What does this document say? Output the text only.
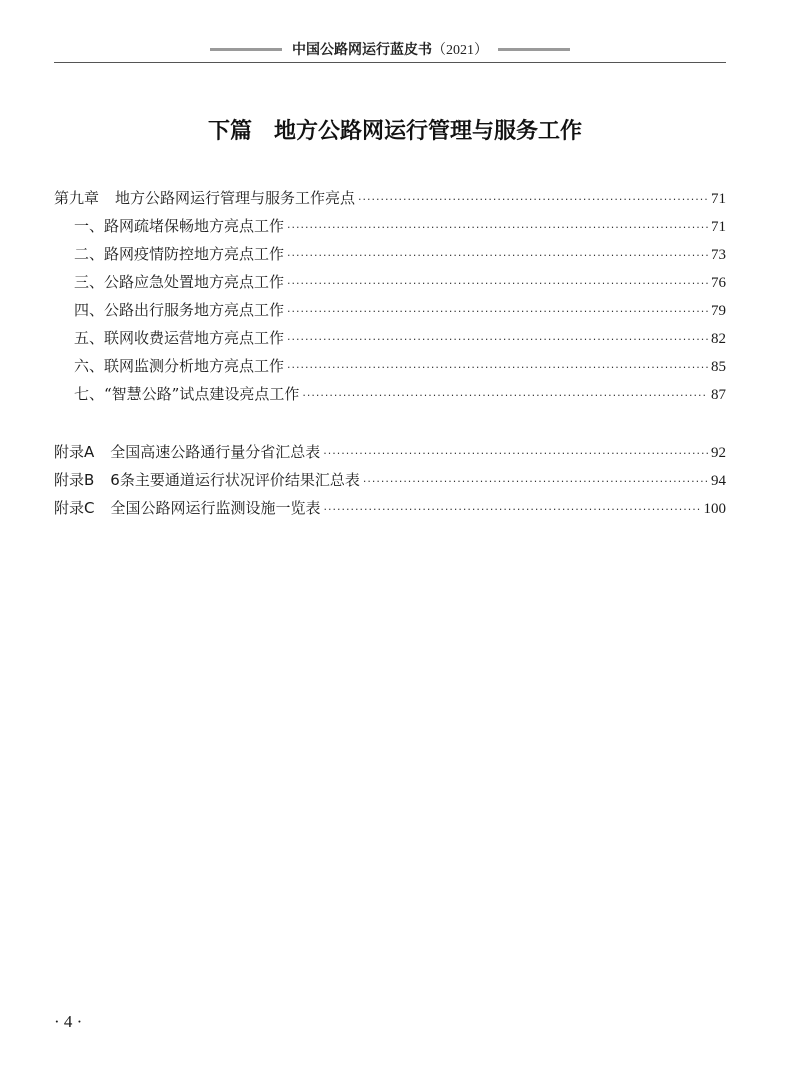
中国公路网运行蓝皮书（2021）
下篇 地方公路网运行管理与服务工作
第九章 地方公路网运行管理与服务工作亮点 ·····	71
一、路网疏堵保畅地方亮点工作 ·····	71
二、路网疫情防控地方亮点工作 ·····	73
三、公路应急处置地方亮点工作 ·····	76
四、公路出行服务地方亮点工作 ·····	79
五、联网收费运营地方亮点工作 ·····	82
六、联网监测分析地方亮点工作 ·····	85
七、“智慧公路”试点建设亮点工作 ·····	87
附录A 全国高速公路通行量分省汇总表 ·····	92
附录B 6条主要通道运行状况评价结果汇总表 ·····	94
附录C 全国公路网运行监测设施一览表 ·····	100
· 4 ·
